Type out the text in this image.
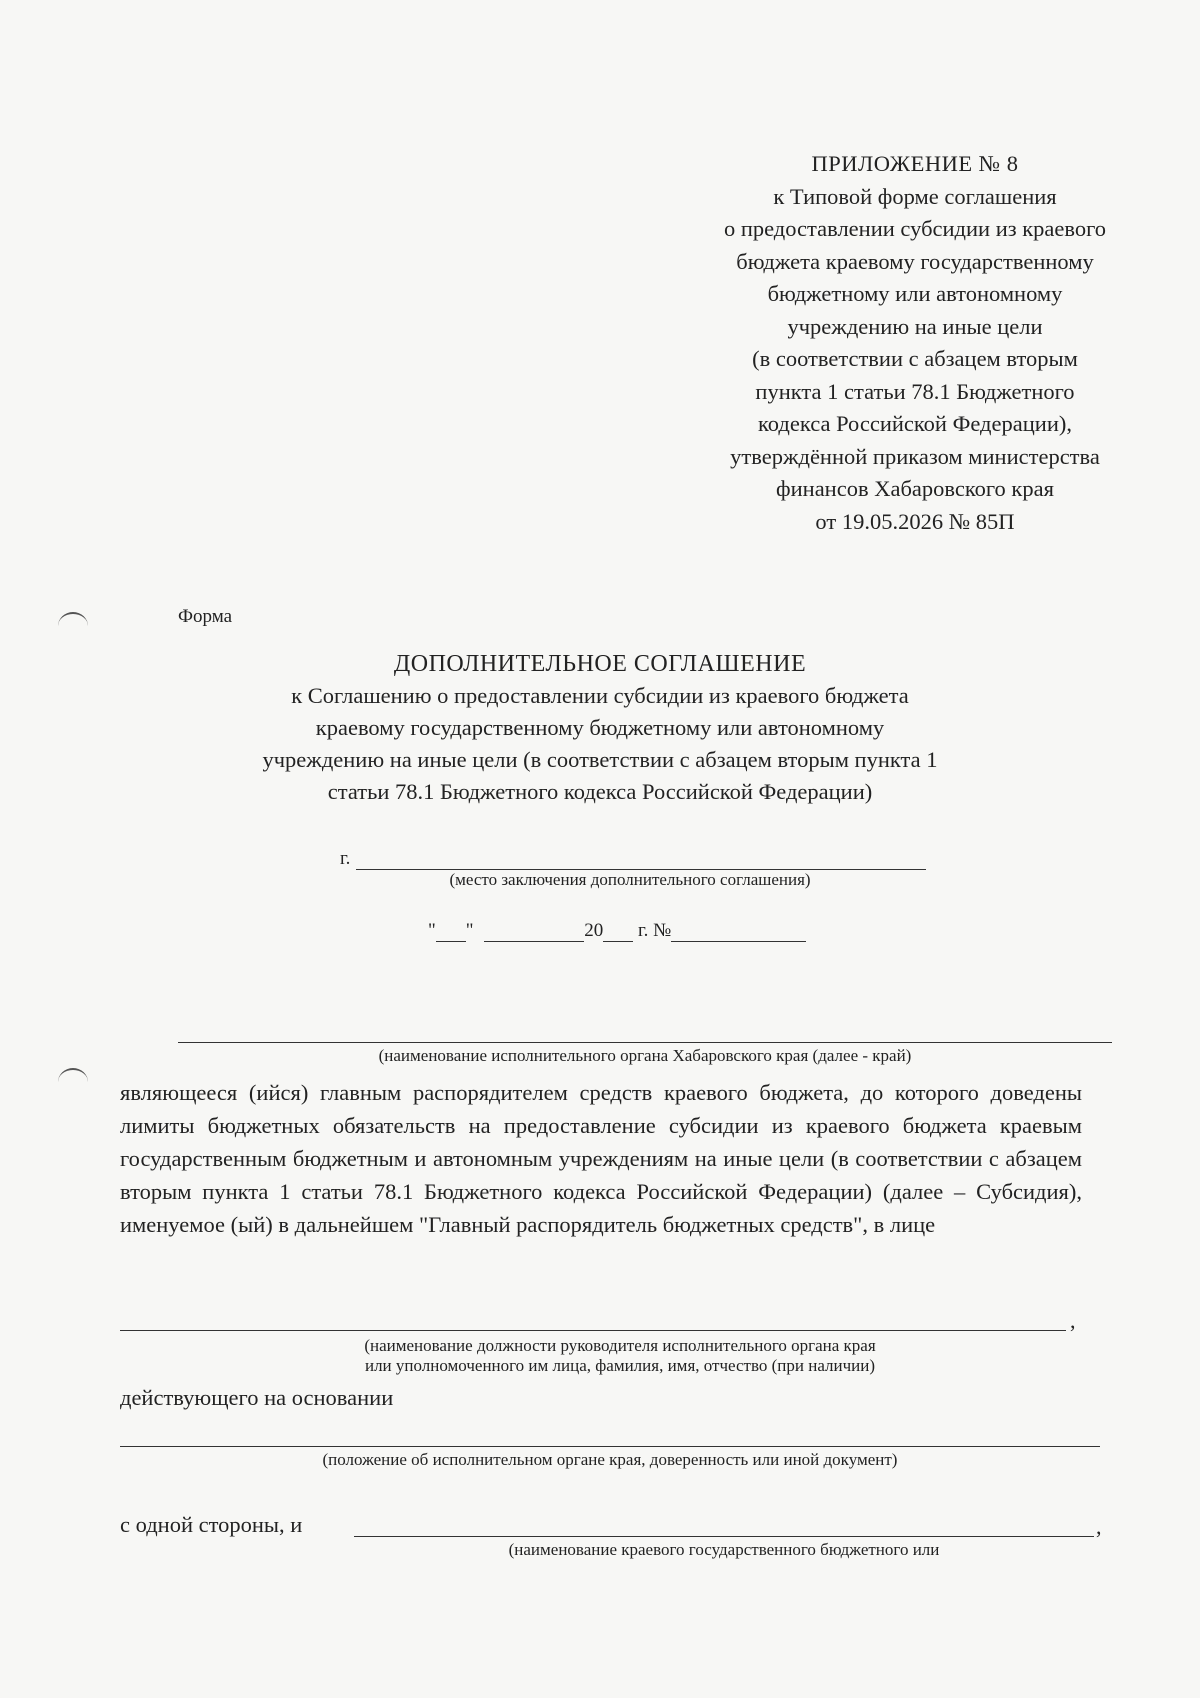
ПРИЛОЖЕНИЕ № 8
к Типовой форме соглашения
о предоставлении субсидии из краевого
бюджета краевому государственному
бюджетному или автономному
учреждению на иные цели
(в соответствии с абзацем вторым
пункта 1 статьи 78.1 Бюджетного
кодекса Российской Федерации),
утверждённой приказом министерства
финансов Хабаровского края
от 19.05.2026 № 85П
Форма
ДОПОЛНИТЕЛЬНОЕ СОГЛАШЕНИЕ
к Соглашению о предоставлении субсидии из краевого бюджета
краевому государственному бюджетному или автономному
учреждению на иные цели (в соответствии с абзацем вторым пункта 1
статьи 78.1 Бюджетного кодекса Российской Федерации)
г.
(место заключения дополнительного соглашения)
" "	20 г. №
(наименование исполнительного органа Хабаровского края (далее - край)
являющееся (ийся) главным распорядителем средств краевого бюджета, до которого доведены лимиты бюджетных обязательств на предоставление субсидии из краевого бюджета краевым государственным бюджетным и автономным учреждениям на иные цели (в соответствии с абзацем вторым пункта 1 статьи 78.1 Бюджетного кодекса Российской Федерации) (далее – Субсидия), именуемое (ый) в дальнейшем "Главный распорядитель бюджетных средств", в лице
,
(наименование должности руководителя исполнительного органа края
или уполномоченного им лица, фамилия, имя, отчество (при наличии)
действующего на основании
(положение об исполнительном органе края, доверенность или иной документ)
с одной стороны, и	,
(наименование краевого государственного бюджетного или
